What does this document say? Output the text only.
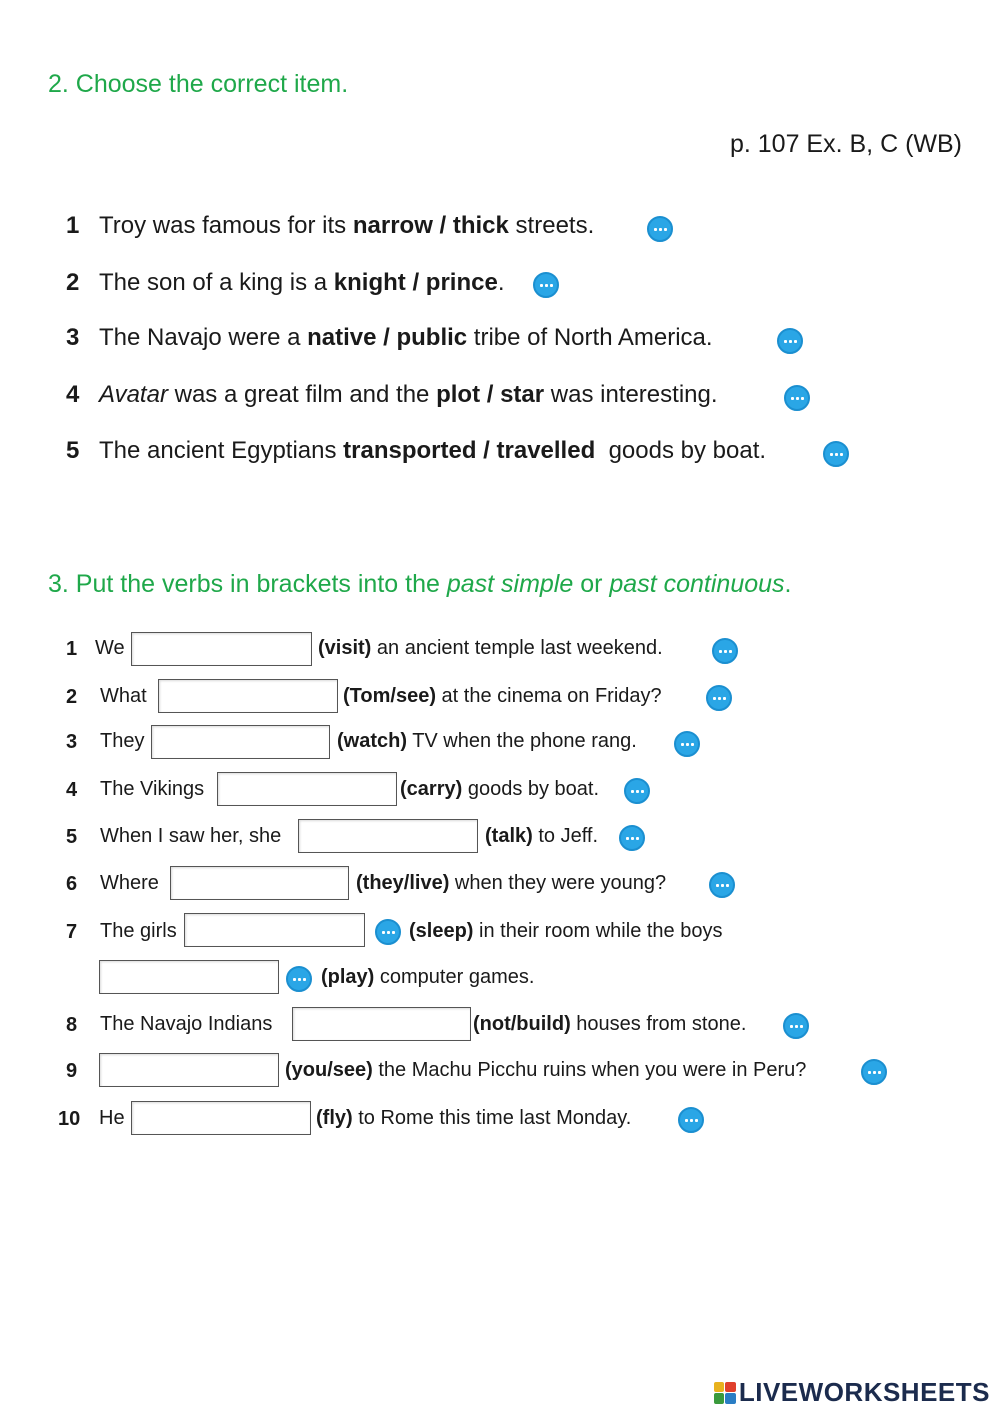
2. Choose the correct item.
p. 107 Ex. B, C (WB)
1 Troy was famous for its narrow / thick streets.
2 The son of a king is a knight / prince.
3 The Navajo were a native / public tribe of North America.
4 Avatar was a great film and the plot / star was interesting.
5 The ancient Egyptians transported / travelled  goods by boat.
3. Put the verbs in brackets into the past simple or past continuous.
1 We	(visit) an ancient temple last weekend.
2 What	(Tom/see) at the cinema on Friday?
3 They	(watch) TV when the phone rang.
4 The Vikings	(carry) goods by boat.
5 When I saw her, she	(talk) to Jeff.
6 Where	(they/live) when they were young?
7 The girls	(sleep) in their room while the boys
(play) computer games.
8 The Navajo Indians	(not/build) houses from stone.
9	(you/see) the Machu Picchu ruins when you were in Peru?
10 He	(fly) to Rome this time last Monday.
LIVEWORKSHEETS
